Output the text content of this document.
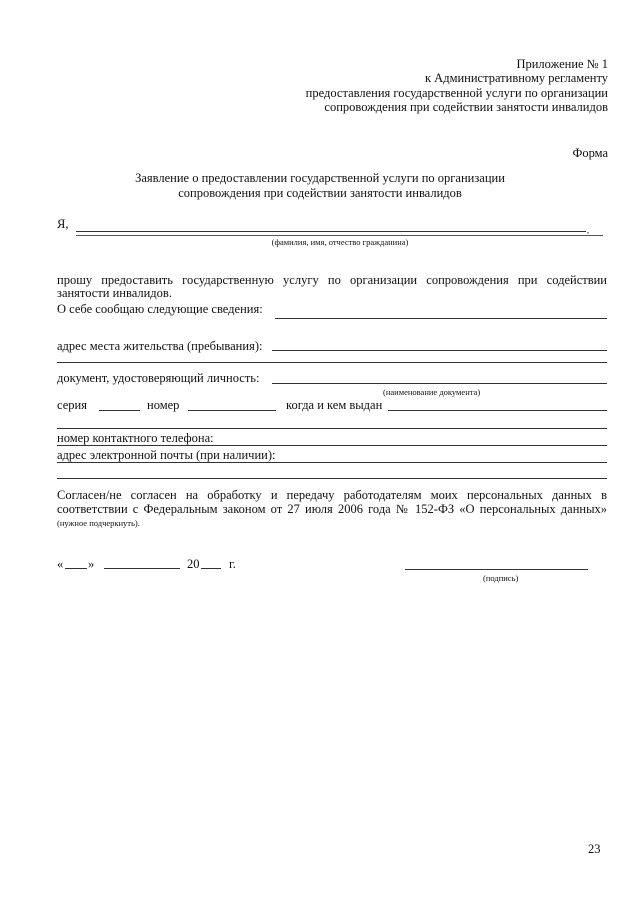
Приложение № 1
к Административному регламенту
предоставления государственной услуги по организации
сопровождения при содействии занятости инвалидов
Форма
Заявление о предоставлении государственной услуги по организации
сопровождения при содействии занятости инвалидов
Я,	,
(фамилия, имя, отчество гражданина)
прошу предоставить государственную услугу по организации сопровождения при содействии
занятости инвалидов.
О себе сообщаю следующие сведения:
адрес места жительства (пребывания):
документ, удостоверяющий личность:
(наименование документа)
серия	номер	когда и кем выдан
номер контактного телефона:
адрес электронной почты (при наличии):
Согласен/не согласен на обработку и передачу работодателям моих персональных данных в
соответствии с Федеральным законом от 27 июля 2006 года № 152-ФЗ «О персональных данных»
(нужное подчеркнуть).
« »	20 г.
(подпись)
23
